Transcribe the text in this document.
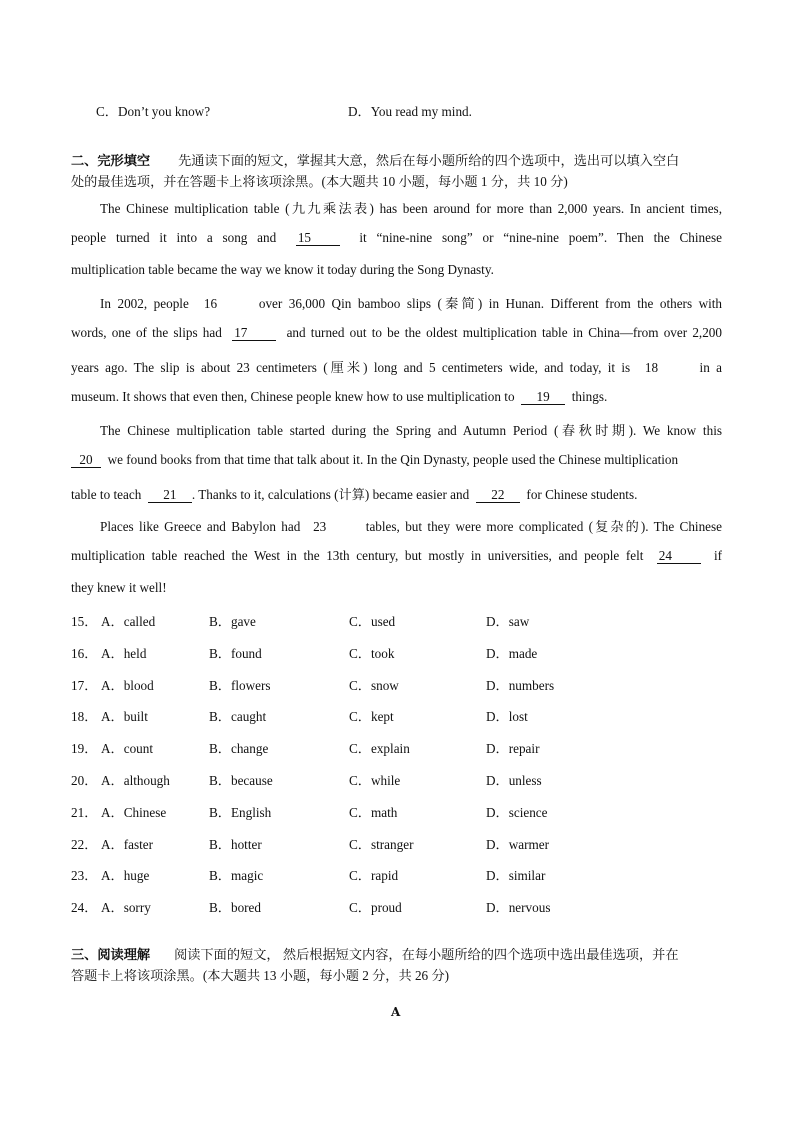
C．Don’t you know?	D．You read my mind.
二、完形填空 先通读下面的短文，掌握其大意，然后在每小题所给的四个选项中，选出可以填入空白
处的最佳选项，并在答题卡上将该项涂黑。(本大题共 10 小题，每小题 1 分，共 10 分)
The Chinese multiplication table (九九乘法表) has been around for more than 2,000 years. In ancient times,
people turned it into a song and 15	it “nine-nine song” or “nine-nine poem”. Then the Chinese
multiplication table became the way we know it today during the Song Dynasty.
In 2002, people 16	over 36,000 Qin bamboo slips (秦简) in Hunan. Different from the others with
words, one of the slips had 17	and turned out to be the oldest multiplication table in China—from over 2,200
years ago. The slip is about 23 centimeters (厘米) long and 5 centimeters wide, and today, it is 18	in a
museum. It shows that even then, Chinese people knew how to use multiplication to 19 things.
The Chinese multiplication table started during the Spring and Autumn Period (春秋时期). We know this
20 we found books from that time that talk about it. In the Qin Dynasty, people used the Chinese multiplication
table to teach 21 . Thanks to it, calculations (计算) became easier and 22 for Chinese students.
Places like Greece and Babylon had 23	tables, but they were more complicated (复杂的). The Chinese
multiplication table reached the West in the 13th century, but mostly in universities, and people felt 24	if
they knew it well!
15． A．called	B．gave	C．used	D．saw
16． A．held	B．found	C．took	D．made
17． A．blood	B．flowers	C．snow	D．numbers
18． A．built	B．caught	C．kept	D．lost
19． A．count	B．change	C．explain	D．repair
20． A．although	B．because	C．while	D．unless
21． A．Chinese	B．English	C．math	D．science
22． A．faster	B．hotter	C．stranger	D．warmer
23． A．huge	B．magic	C．rapid	D．similar
24． A．sorry	B．bored	C．proud	D．nervous
三、阅读理解 阅读下面的短文， 然后根据短文内容，在每小题所给的四个选项中选出最佳选项，并在
答题卡上将该项涂黑。(本大题共 13 小题，每小题 2 分，共 26 分)
A
